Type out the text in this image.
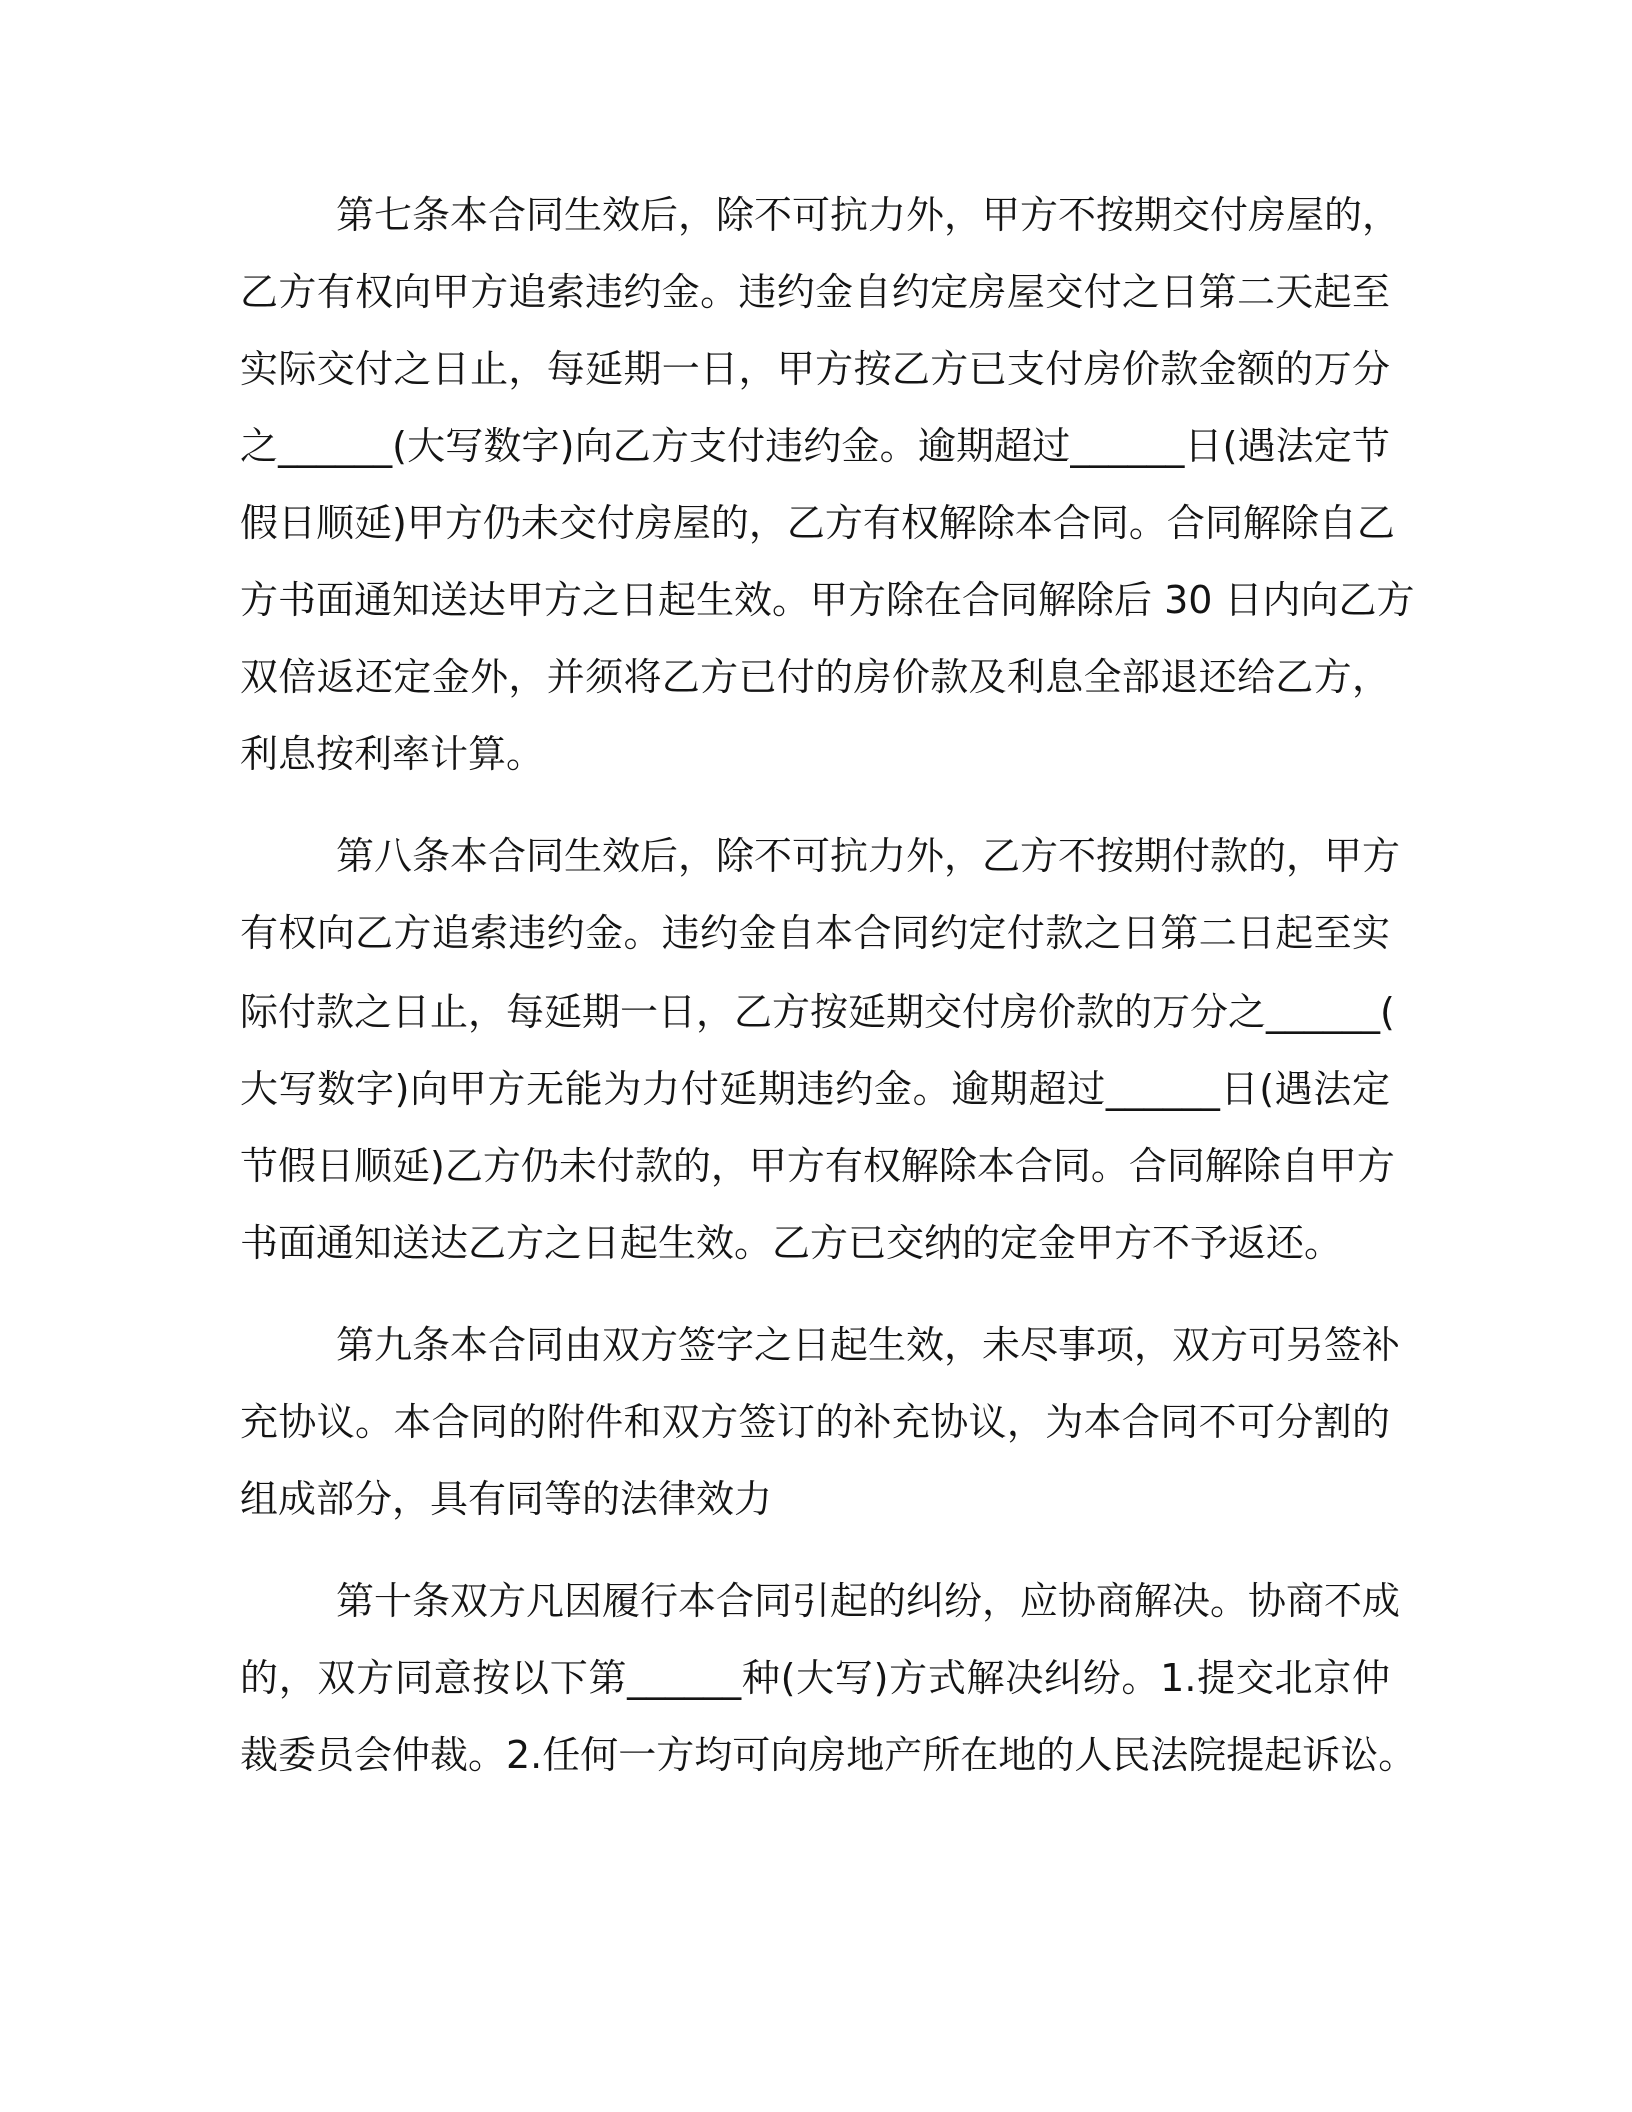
第七条本合同生效后，除不可抗力外，甲方不按期交付房屋的，
乙方有权向甲方追索违约金。违约金自约定房屋交付之日第二天起至
实际交付之日止，每延期一日，甲方按乙方已支付房价款金额的万分
之______(大写数字)向乙方支付违约金。逾期超过______日(遇法定节
假日顺延)甲方仍未交付房屋的，乙方有权解除本合同。合同解除自乙
方书面通知送达甲方之日起生效。甲方除在合同解除后 30 日内向乙方
双倍返还定金外，并须将乙方已付的房价款及利息全部退还给乙方，
利息按利率计算。
第八条本合同生效后，除不可抗力外，乙方不按期付款的，甲方
有权向乙方追索违约金。违约金自本合同约定付款之日第二日起至实
际付款之日止，每延期一日，乙方按延期交付房价款的万分之______(
大写数字)向甲方无能为力付延期违约金。逾期超过______日(遇法定
节假日顺延)乙方仍未付款的，甲方有权解除本合同。合同解除自甲方
书面通知送达乙方之日起生效。乙方已交纳的定金甲方不予返还。
第九条本合同由双方签字之日起生效，未尽事项，双方可另签补
充协议。本合同的附件和双方签订的补充协议，为本合同不可分割的
组成部分，具有同等的法律效力
第十条双方凡因履行本合同引起的纠纷，应协商解决。协商不成
的，双方同意按以下第______种(大写)方式解决纠纷。1.提交北京仲
裁委员会仲裁。2.任何一方均可向房地产所在地的人民法院提起诉讼。
